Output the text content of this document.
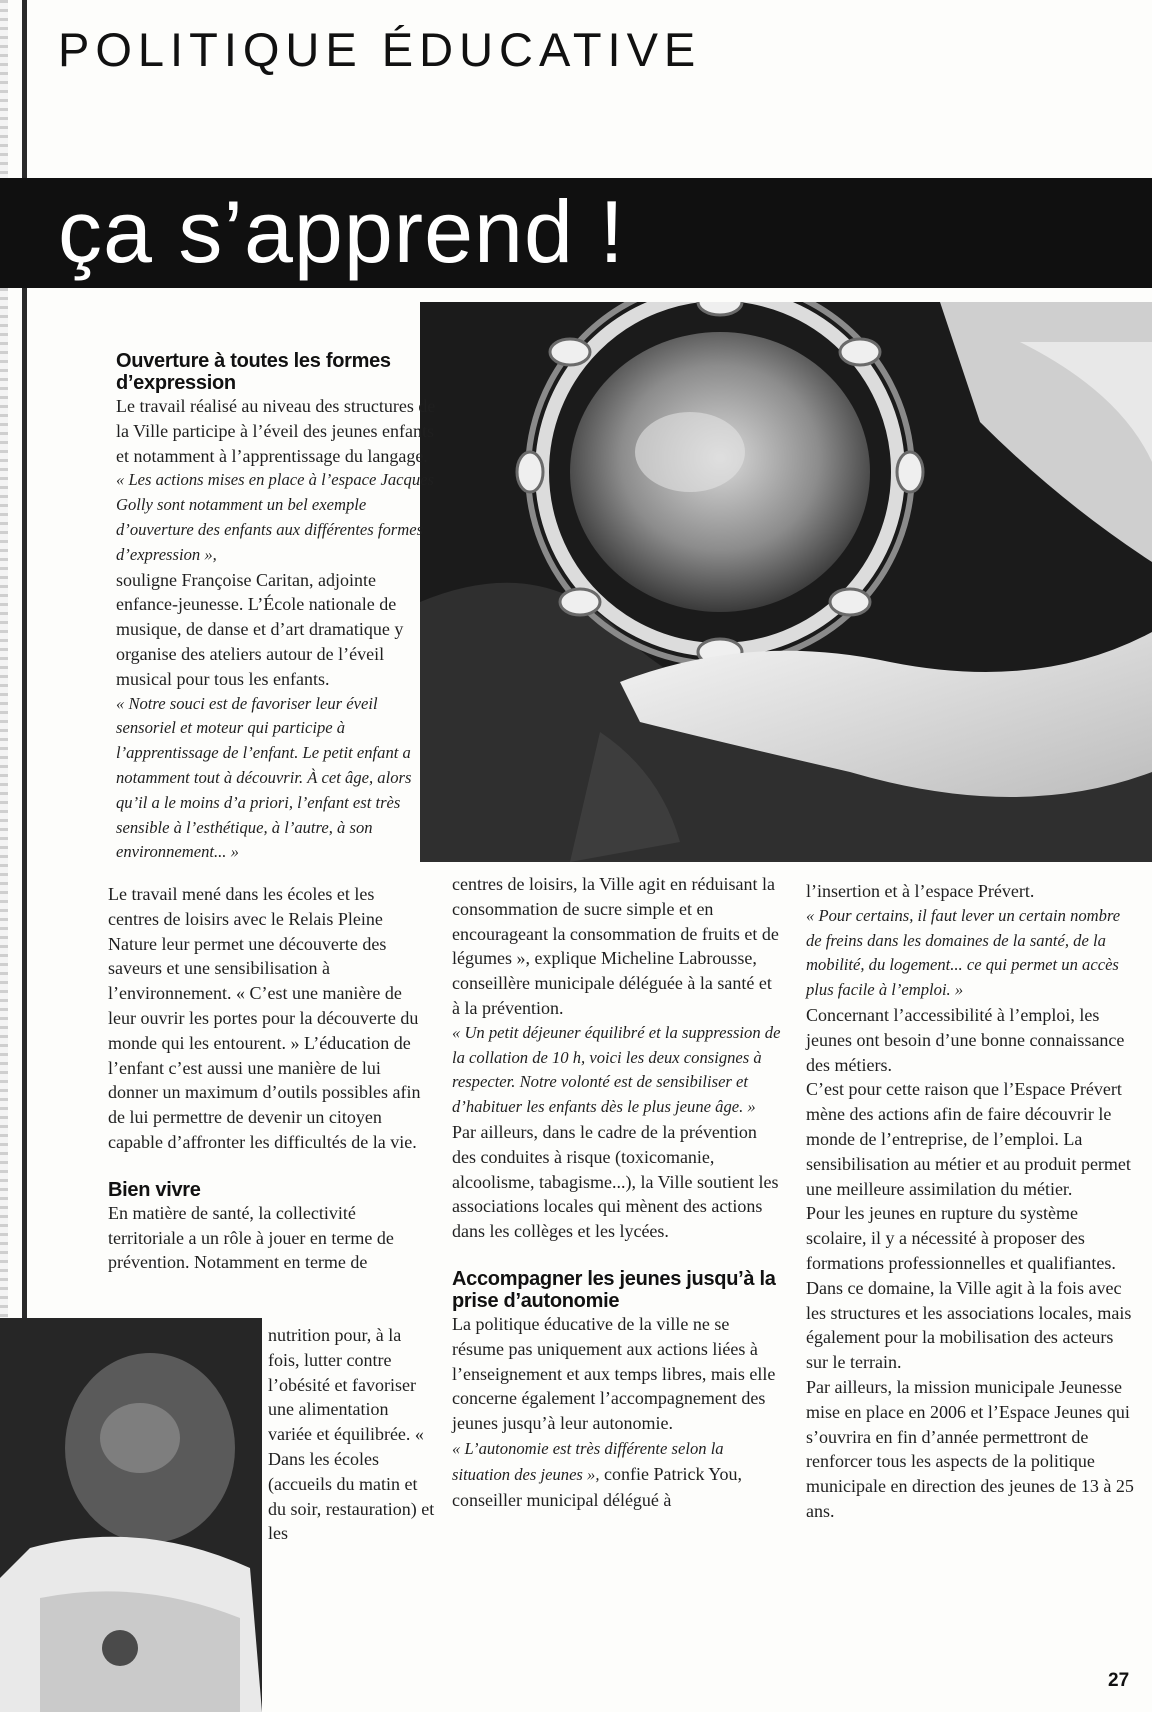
POLITIQUE ÉDUCATIVE
ça s’apprend !
Ouverture à toutes les formes d’expression

Le travail réalisé au niveau des structures de la Ville participe à l’éveil des jeunes enfants et notamment à l’apprentissage du langage.

« Les actions mises en place à l’espace Jacques Golly sont notamment un bel exemple d’ouverture des enfants aux différentes formes d’expression »,

souligne Françoise Caritan, adjointe enfance-jeunesse. L’École nationale de musique, de danse et d’art dramatique y organise des ateliers autour de l’éveil musical pour tous les enfants.

« Notre souci est de favoriser leur éveil sensoriel et moteur qui participe à l’apprentissage de l’enfant. Le petit enfant a notamment tout à découvrir. À cet âge, alors qu’il a le moins d’a priori, l’enfant est très sensible à l’esthétique, à l’autre, à son environnement... »

Le travail mené dans les écoles et les centres de loisirs avec le Relais Pleine Nature leur permet une découverte des saveurs et une sensibilisation à l’environnement. « C’est une manière de leur ouvrir les portes pour la découverte du monde qui les entourent. » L’éducation de l’enfant c’est aussi une manière de lui donner un maximum d’outils possibles afin de lui permettre de devenir un citoyen capable d’affronter les difficultés de la vie.

Bien vivre

En matière de santé, la collectivité territoriale a un rôle à jouer en terme de prévention. Notamment en terme de

nutrition pour, à la fois, lutter contre l’obésité et favoriser une alimentation variée et équilibrée. « Dans les écoles (accueils du matin et du soir, restauration) et les

centres de loisirs, la Ville agit en réduisant la consommation de sucre simple et en encourageant la consommation de fruits et de légumes », explique Micheline Labrousse, conseillère municipale déléguée à la santé et à la prévention.

« Un petit déjeuner équilibré et la suppression de la collation de 10 h, voici les deux consignes à respecter. Notre volonté est de sensibiliser et d’habituer les enfants dès le plus jeune âge. »

Par ailleurs, dans le cadre de la prévention des conduites à risque (toxicomanie, alcoolisme, tabagisme...), la Ville soutient les associations locales qui mènent des actions dans les collèges et les lycées.

Accompagner les jeunes jusqu’à la prise d’autonomie

La politique éducative de la ville ne se résume pas uniquement aux actions liées à l’enseignement et aux temps libres, mais elle concerne également l’accompagnement des jeunes jusqu’à leur autonomie.

« L’autonomie est très différente selon la situation des jeunes », confie Patrick You, conseiller municipal délégué à

l’insertion et à l’espace Prévert.

« Pour certains, il faut lever un certain nombre de freins dans les domaines de la santé, de la mobilité, du logement... ce qui permet un accès plus facile à l’emploi. »

Concernant l’accessibilité à l’emploi, les jeunes ont besoin d’une bonne connaissance des métiers.

C’est pour cette raison que l’Espace Prévert mène des actions afin de faire découvrir le monde de l’entreprise, de l’emploi. La sensibilisation au métier et au produit permet une meilleure assimilation du métier.

Pour les jeunes en rupture du système scolaire, il y a nécessité à proposer des formations professionnelles et qualifiantes. Dans ce domaine, la Ville agit à la fois avec les structures et les associations locales, mais également pour la mobilisation des acteurs sur le terrain.

Par ailleurs, la mission municipale Jeunesse mise en place en 2006 et l’Espace Jeunes qui s’ouvrira en fin d’année permettront de renforcer tous les aspects de la politique municipale en direction des jeunes de 13 à 25 ans.

27
